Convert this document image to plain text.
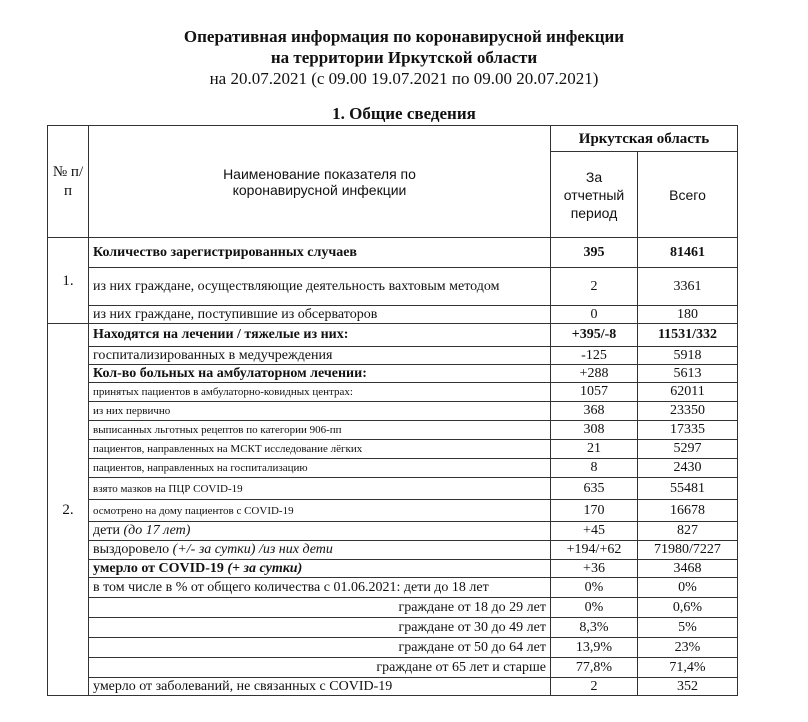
Оперативная информация по коронавирусной инфекции
на территории Иркутской области
на 20.07.2021 (с 09.00 19.07.2021 по 09.00 20.07.2021)
1. Общие сведения
№ п/п	Наименование показателя по коронавирусной инфекции	Иркутская область	
		За отчетный период	Всего
1.	Количество зарегистрированных случаев	395	81461
	из них граждане, осуществляющие деятельность вахтовым методом	2	3361
	из них граждане, поступившие из обсерваторов	0	180
2.	Находятся на лечении / тяжелые из них:	+395/-8	11531/332
	госпитализированных в медучреждения	-125	5918
	Кол-во больных на амбулаторном лечении:	+288	5613
	принятых пациентов в амбулаторно-ковидных центрах:	1057	62011
	из них первично	368	23350
	выписанных льготных рецептов по категории 906-пп	308	17335
	пациентов, направленных на МСКТ исследование лёгких	21	5297
	пациентов, направленных на госпитализацию	8	2430
	взято мазков на ПЦР COVID-19	635	55481
	осмотрено на дому пациентов с COVID-19	170	16678
	дети (до 17 лет)	+45	827
	выздоровело (+/- за сутки) /из них дети	+194/+62	71980/7227
	умерло от COVID-19 (+ за сутки)	+36	3468
	в том числе в % от общего количества с 01.06.2021: дети до 18 лет	0%	0%
	граждане от 18 до 29 лет	0%	0,6%
	граждане от 30 до 49 лет	8,3%	5%
	граждане от 50 до 64 лет	13,9%	23%
	граждане от 65 лет и старше	77,8%	71,4%
	умерло от заболеваний, не связанных с COVID-19	2	352
